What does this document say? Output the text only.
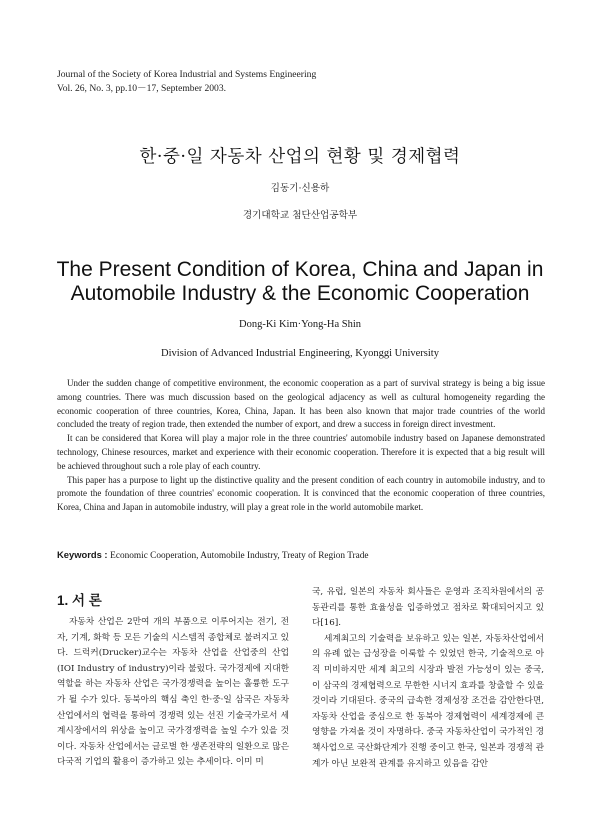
Journal of the Society of Korea Industrial and Systems Engineering
Vol. 26, No. 3, pp.10－17, September 2003.
한·중·일 자동차 산업의 현황 및 경제협력
김동기·신용하
경기대학교 첨단산업공학부
The Present Condition of Korea, China and Japan in
Automobile Industry & the Economic Cooperation
Dong-Ki Kim·Yong-Ha Shin
Division of Advanced Industrial Engineering, Kyonggi University

Under the sudden change of competitive environment, the economic cooperation as a part of survival strategy is being a big issue among countries. There was much discussion based on the geological adjacency as well as cultural homogeneity regarding the economic cooperation of three countries, Korea, China, Japan. It has been also known that major trade countries of the world concluded the treaty of region trade, then extended the number of export, and drew a success in foreign direct investment.

It can be considered that Korea will play a major role in the three countries' automobile industry based on Japanese demonstrated technology, Chinese resources, market and experience with their economic cooperation. Therefore it is expected that a big result will be achieved throughout such a role play of each country.

This paper has a purpose to light up the distinctive quality and the present condition of each country in automobile industry, and to promote the foundation of three countries' economic cooperation. It is convinced that the economic cooperation of three countries, Korea, China and Japan in automobile industry, will play a great role in the world automobile market.

Keywords : Economic Cooperation, Automobile Industry, Treaty of Region Trade
1. 서 론

자동차 산업은 2만여 개의 부품으로 이루어지는 전기, 전자, 기계, 화학 등 모든 기술의 시스템적 종합체로 불려지고 있다. 드럭커(Drucker)교수는 자동차 산업을 산업중의 산업(IOI Industry of industry)이라 불렀다. 국가경제에 지대한 역할을 하는 자동차 산업은 국가경쟁력을 높이는 훌륭한 도구가 될 수가 있다. 동북아의 핵심 축인 한·중·일 삼국은 자동차 산업에서의 협력을 통하여 경쟁력 있는 선진 기술국가로서 세계시장에서의 위상을 높이고 국가경쟁력을 높일 수가 있을 것이다. 자동차 산업에서는 글로벌 한 생존전략의 일환으로 많은 다국적 기업의 활용이 증가하고 있는 추세이다. 이미 미

국, 유럽, 일본의 자동차 회사들은 운영과 조직차원에서의 공동관리를 통한 효율성을 입증하였고 점차로 확대되어지고 있다[16].

세계최고의 기술력을 보유하고 있는 일본, 자동차산업에서의 유례 없는 급성장을 이룩할 수 있었던 한국, 기술적으로 아직 미비하지만 세계 최고의 시장과 발전 가능성이 있는 중국, 이 삼국의 경제협력으로 무한한 시너지 효과를 창출할 수 있을 것이라 기대된다. 중국의 급속한 경제성장 조건을 감안한다면, 자동차 산업을 중심으로 한 동북아 경제협력이 세계경제에 큰 영향을 가져올 것이 자명하다. 중국 자동차산업이 국가적인 경책사업으로 국산화단계가 진행 중이고 한국, 일본과 경쟁적 관계가 아닌 보완적 관계를 유지하고 있음을 감안
